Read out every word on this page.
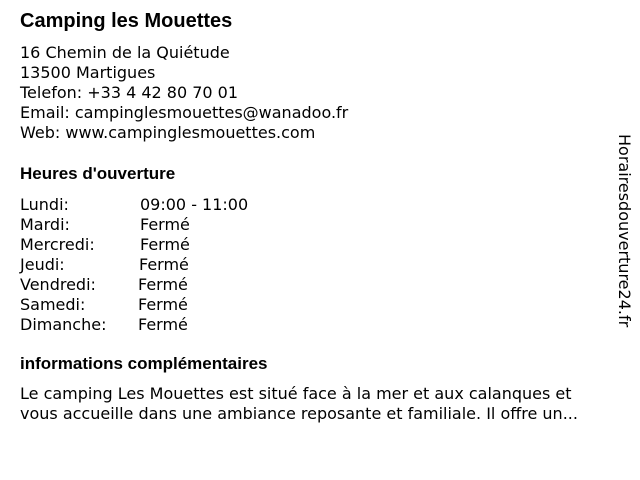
Camping les Mouettes
16 Chemin de la Quiétude
13500 Martigues
Telefon: +33 4 42 80 70 01
Email: campinglesmouettes@wanadoo.fr
Web: www.campinglesmouettes.com
Heures d'ouverture
Lundi:	09:00 - 11:00
Mardi:	Fermé
Mercredi:	Fermé
Jeudi:	Fermé
Vendredi:	Fermé
Samedi:	Fermé
Dimanche: Fermé
informations complémentaires
Le camping Les Mouettes est situé face à la mer et aux calanques et
vous accueille dans une ambiance reposante et familiale. Il offre un...
Horairesdouverture24.fr
